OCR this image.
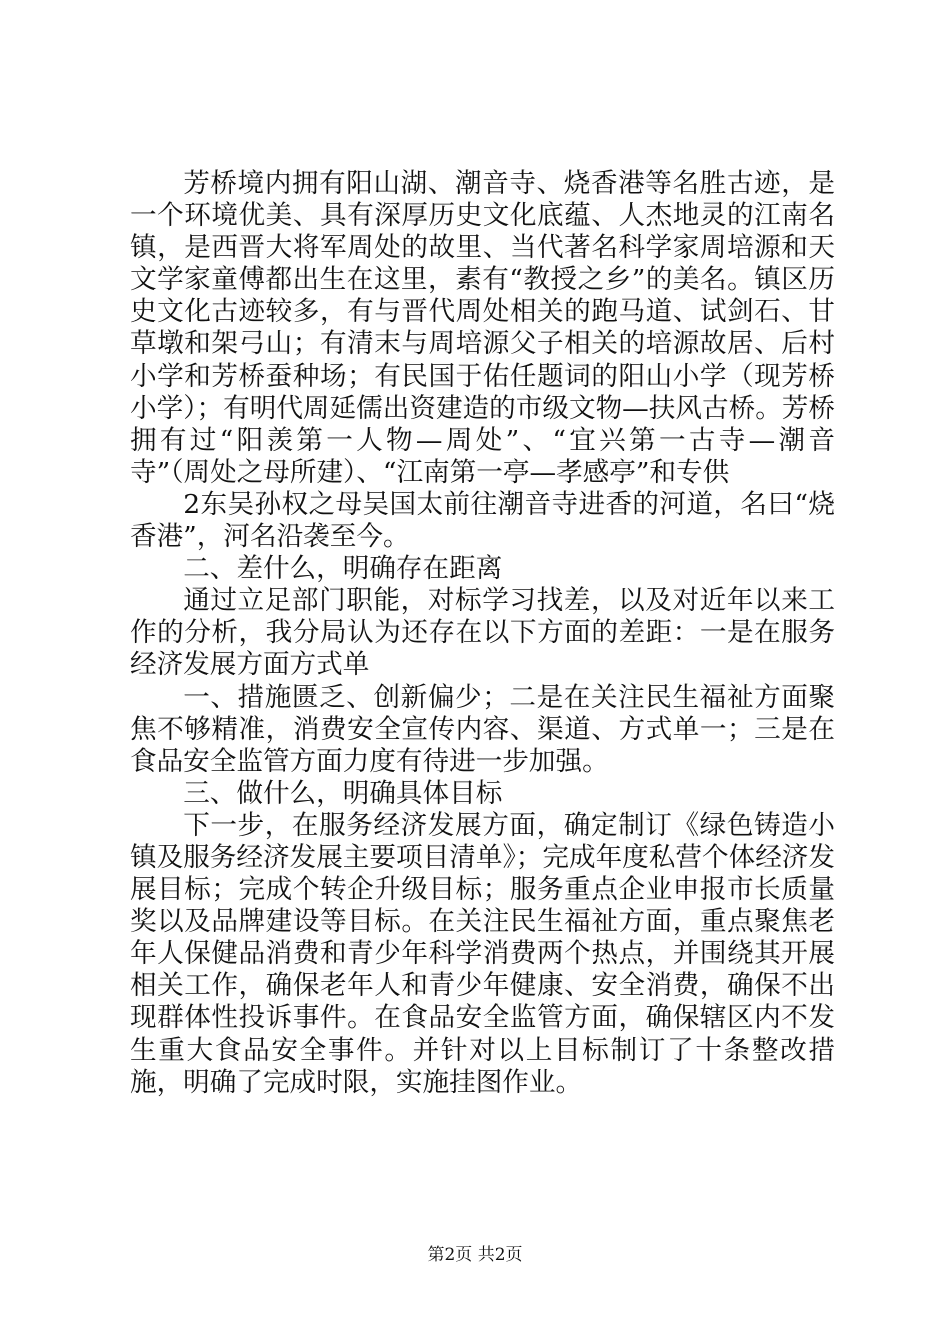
芳桥境内拥有阳山湖、潮音寺、烧香港等名胜古迹，是一个环境优美、具有深厚历史文化底蕴、人杰地灵的江南名镇，是西晋大将军周处的故里、当代著名科学家周培源和天文学家童傅都出生在这里，素有“教授之乡”的美名。镇区历史文化古迹较多，有与晋代周处相关的跑马道、试剑石、甘草墩和架弓山；有清末与周培源父子相关的培源故居、后村小学和芳桥蚕种场；有民国于佑任题词的阳山小学（现芳桥小学）；有明代周延儒出资建造的市级文物—扶风古桥。芳桥拥有过“阳羡第一人物—周处”、“宜兴第一古寺—潮音寺”（周处之母所建）、“江南第一亭—孝感亭”和专供

2东吴孙权之母吴国太前往潮音寺进香的河道，名曰“烧香港”，河名沿袭至今。

二、差什么，明确存在距离

通过立足部门职能，对标学习找差，以及对近年以来工作的分析，我分局认为还存在以下方面的差距：一是在服务经济发展方面方式单

一、措施匮乏、创新偏少；二是在关注民生福祉方面聚焦不够精准，消费安全宣传内容、渠道、方式单一；三是在食品安全监管方面力度有待进一步加强。

三、做什么，明确具体目标

下一步，在服务经济发展方面，确定制订《绿色铸造小镇及服务经济发展主要项目清单》；完成年度私营个体经济发展目标；完成个转企升级目标；服务重点企业申报市长质量奖以及品牌建设等目标。在关注民生福祉方面，重点聚焦老年人保健品消费和青少年科学消费两个热点，并围绕其开展相关工作，确保老年人和青少年健康、安全消费，确保不出现群体性投诉事件。在食品安全监管方面，确保辖区内不发生重大食品安全事件。并针对以上目标制订了十条整改措施，明确了完成时限，实施挂图作业。

第2页 共2页
